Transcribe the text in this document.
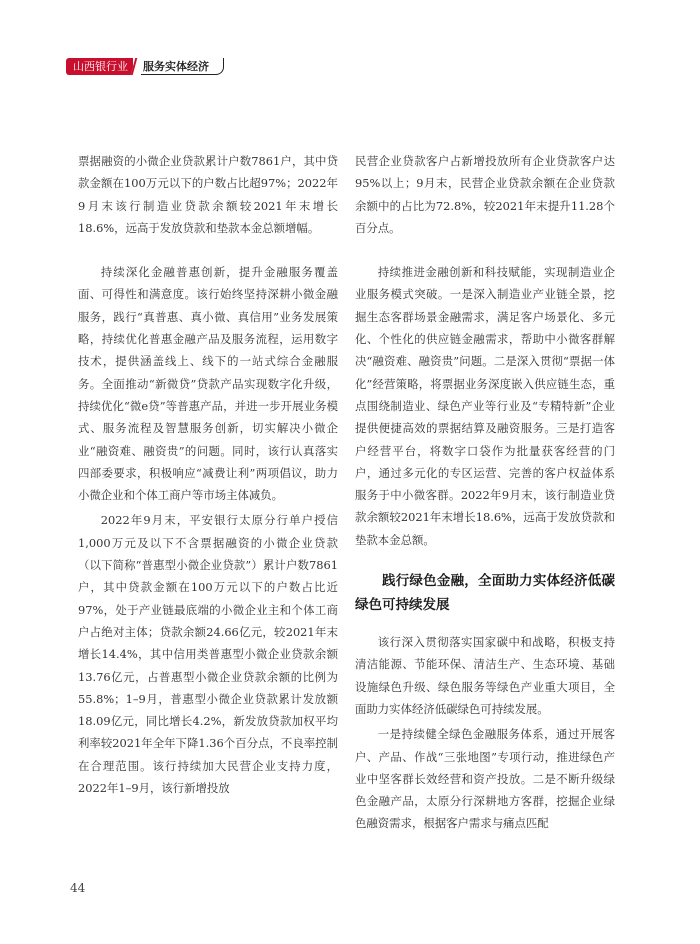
山西银行业	服务实体经济

票据融资的小微企业贷款累计户数7861户，其中贷款金额在100万元以下的户数占比超97%；2022年9月末该行制造业贷款余额较2021年末增长18.6%，远高于发放贷款和垫款本金总额增幅。

持续深化金融普惠创新，提升金融服务覆盖面、可得性和满意度。该行始终坚持深耕小微金融服务，践行“真普惠、真小微、真信用”业务发展策略，持续优化普惠金融产品及服务流程，运用数字技术，提供涵盖线上、线下的一站式综合金融服务。全面推动“新微贷”贷款产品实现数字化升级，持续优化“微e贷”等普惠产品，并进一步开展业务模式、服务流程及智慧服务创新，切实解决小微企业“融资难、融资贵”的问题。同时，该行认真落实四部委要求，积极响应“减费让利”两项倡议，助力小微企业和个体工商户等市场主体减负。

2022年9月末，平安银行太原分行单户授信1,000万元及以下不含票据融资的小微企业贷款（以下简称“普惠型小微企业贷款”）累计户数7861户，其中贷款金额在100万元以下的户数占比近97%，处于产业链最底端的小微企业主和个体工商户占绝对主体；贷款余额24.66亿元，较2021年末增长14.4%，其中信用类普惠型小微企业贷款余额13.76亿元，占普惠型小微企业贷款余额的比例为55.8%；1–9月，普惠型小微企业贷款累计发放额18.09亿元，同比增长4.2%，新发放贷款加权平均利率较2021年全年下降1.36个百分点，不良率控制在合理范围。该行持续加大民营企业支持力度，2022年1–9月，该行新增投放

民营企业贷款客户占新增投放所有企业贷款客户达95%以上；9月末，民营企业贷款余额在企业贷款余额中的占比为72.8%，较2021年末提升11.28个百分点。

持续推进金融创新和科技赋能，实现制造业企业服务模式突破。一是深入制造业产业链全景，挖掘生态客群场景金融需求，满足客户场景化、多元化、个性化的供应链金融需求，帮助中小微客群解决“融资难、融资贵”问题。二是深入贯彻“票据一体化”经营策略，将票据业务深度嵌入供应链生态，重点围绕制造业、绿色产业等行业及“专精特新”企业提供便捷高效的票据结算及融资服务。三是打造客户经营平台，将数字口袋作为批量获客经营的门户，通过多元化的专区运营、完善的客户权益体系服务于中小微客群。2022年9月末，该行制造业贷款余额较2021年末增长18.6%，远高于发放贷款和垫款本金总额。

践行绿色金融，全面助力实体经济低碳绿色可持续发展

该行深入贯彻落实国家碳中和战略，积极支持清洁能源、节能环保、清洁生产、生态环境、基础设施绿色升级、绿色服务等绿色产业重大项目，全面助力实体经济低碳绿色可持续发展。

一是持续健全绿色金融服务体系，通过开展客户、产品、作战“三张地图”专项行动，推进绿色产业中坚客群长效经营和资产投放。二是不断升级绿色金融产品，太原分行深耕地方客群，挖掘企业绿色融资需求，根据客户需求与痛点匹配

44
